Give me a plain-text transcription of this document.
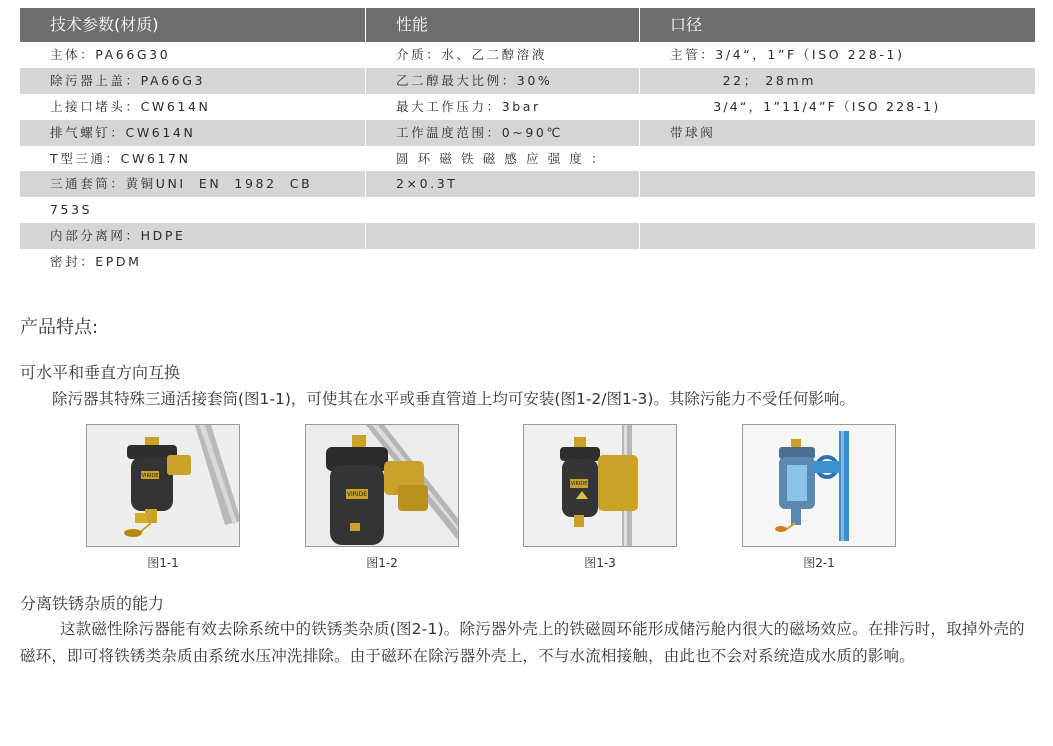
技术参数(材质)	性能	口径
主体：PA66G30	介质：水、乙二醇溶液	主管：3/4“，1”F（ISO 228-1)
除污器上盖：PA66G3	乙二醇最大比例：30%	22； 28mm
上接口堵头：CW614N	最大工作压力：3bar	3/4“，1”11/4”F（ISO 228-1)
排气螺钉：CW614N	工作温度范围：0~90℃	带球阀
T型三通：CW617N	圆 环 磁 铁 磁 感 应 强 度 ：
三通套筒：黄铜UNI  EN  1982  CB	2×0.3T
753S
内部分离网：HDPE
密封：EPDM
产品特点:
可水平和垂直方向互换
除污器其特殊三通活接套筒(图1-1)，可使其在水平或垂直管道上均可安装(图1-2/图1-3)。其除污能力不受任何影响。
VIRIDE
图1-1
VIRIDE
图1-2
VIRIDE
图1-3	图2-1
分离铁锈杂质的能力
这款磁性除污器能有效去除系统中的铁锈类杂质(图2-1)。除污器外壳上的铁磁圆环能形成储污舱内很大的磁场效应。在排污时，取掉外壳的磁环，即可将铁锈类杂质由系统水压冲洗排除。由于磁环在除污器外壳上，不与水流相接触，由此也不会对系统造成水质的影响。
